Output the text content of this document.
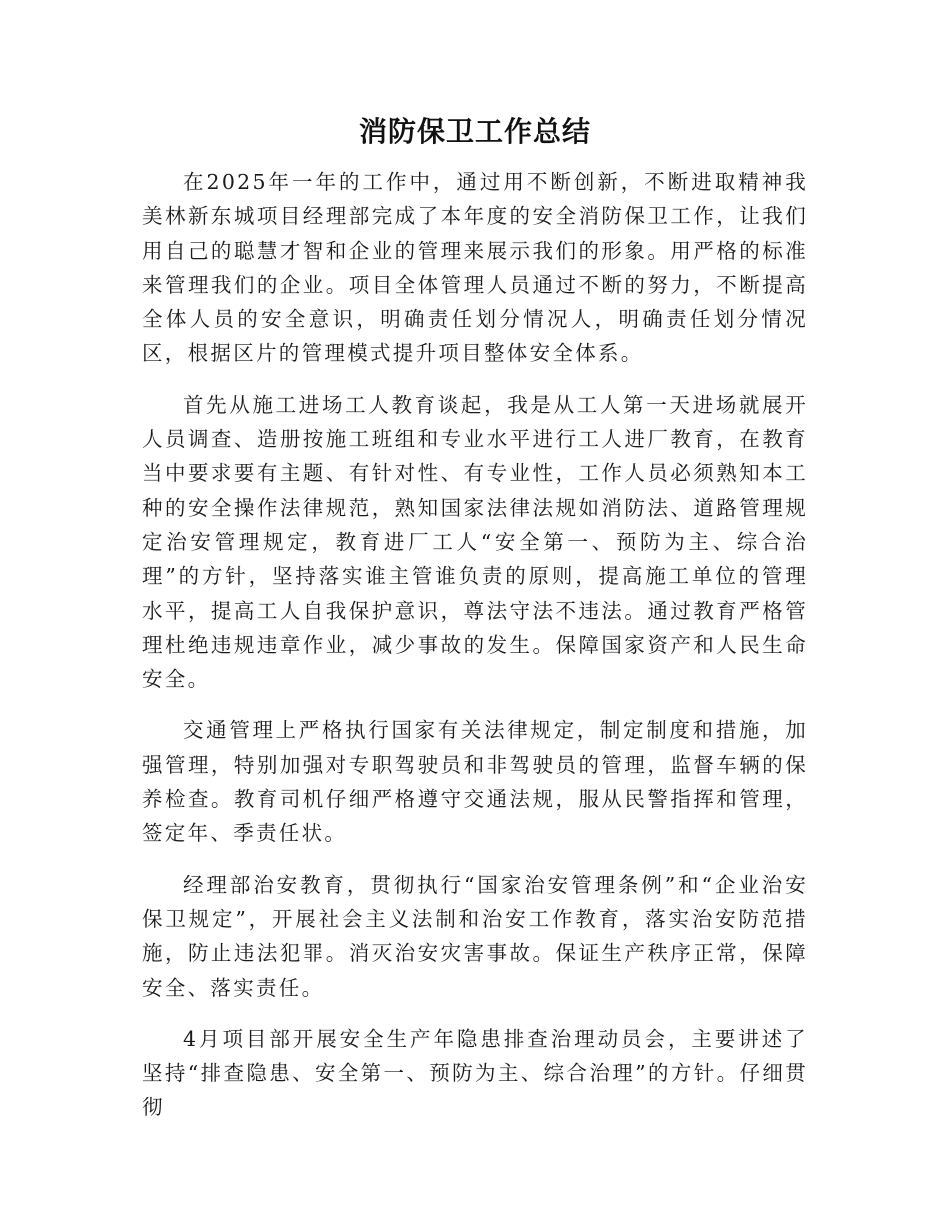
消防保卫工作总结

在2025年一年的工作中，通过用不断创新，不断进取精神我美林新东城项目经理部完成了本年度的安全消防保卫工作，让我们用自己的聪慧才智和企业的管理来展示我们的形象。用严格的标准来管理我们的企业。项目全体管理人员通过不断的努力，不断提高全体人员的安全意识，明确责任划分情况人，明确责任划分情况区，根据区片的管理模式提升项目整体安全体系。

首先从施工进场工人教育谈起，我是从工人第一天进场就展开人员调查、造册按施工班组和专业水平进行工人进厂教育，在教育当中要求要有主题、有针对性、有专业性，工作人员必须熟知本工种的安全操作法律规范，熟知国家法律法规如消防法、道路管理规定治安管理规定，教育进厂工人“安全第一、预防为主、综合治理”的方针，坚持落实谁主管谁负责的原则，提高施工单位的管理水平，提高工人自我保护意识，尊法守法不违法。通过教育严格管理杜绝违规违章作业，减少事故的发生。保障国家资产和人民生命安全。

交通管理上严格执行国家有关法律规定，制定制度和措施，加强管理，特别加强对专职驾驶员和非驾驶员的管理，监督车辆的保养检查。教育司机仔细严格遵守交通法规，服从民警指挥和管理，签定年、季责任状。

经理部治安教育，贯彻执行“国家治安管理条例”和“企业治安保卫规定”，开展社会主义法制和治安工作教育，落实治安防范措施，防止违法犯罪。消灭治安灾害事故。保证生产秩序正常，保障安全、落实责任。

4月项目部开展安全生产年隐患排查治理动员会，主要讲述了坚持“排查隐患、安全第一、预防为主、综合治理”的方针。仔细贯彻
